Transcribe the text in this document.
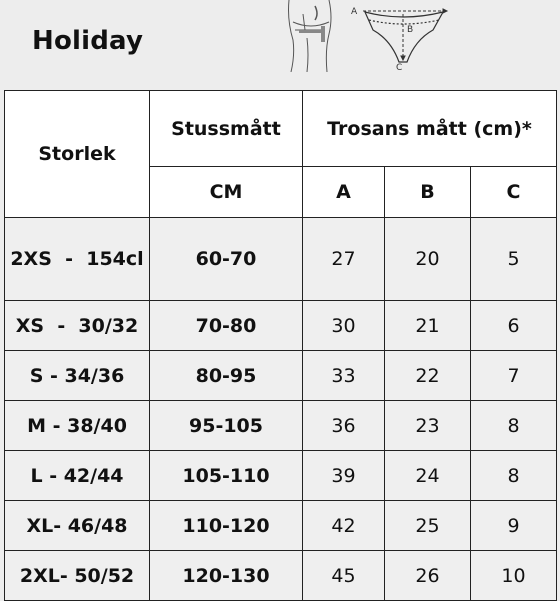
Holiday
A
B
C
Storlek	Stussmått	Trosans mått (cm)*		
	CM	A	B	C
2XS  -  154cl	60-70	27	20	5
XS  -  30/32	70-80	30	21	6
S - 34/36	80-95	33	22	7
M - 38/40	95-105	36	23	8
L - 42/44	105-110	39	24	8
XL- 46/48	110-120	42	25	9
2XL- 50/52	120-130	45	26	10
